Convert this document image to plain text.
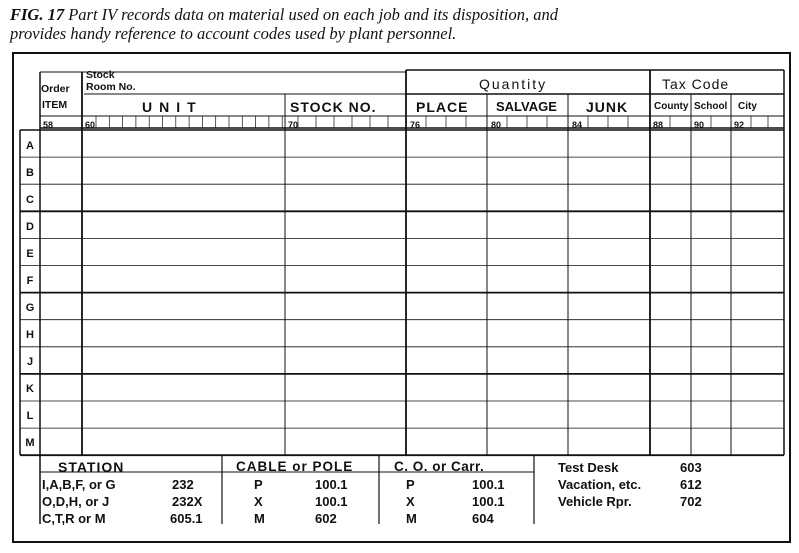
FIG. 17 Part IV records data on material used on each job and its disposition, and
provides handy reference to account codes used by plant personnel.
Order
ITEM
Stock
Room No.
UNIT	STOCK NO.
Quantity
PLACE SALVAGE JUNK
Tax Code
County School City
58	60	70	76	80	84	88	90	92
A
B
C
D
E
F
G
H
J
K
L
M
STATION
I,A,B,F, or G	232
O,D,H, or J	232X
C,T,R or M	605.1
CABLE or POLE
P	100.1
X	100.1
M	602
C. O. or Carr.
P	100.1
X	100.1
M	604
Test Desk	603
Vacation, etc.	612
Vehicle Rpr.	702
